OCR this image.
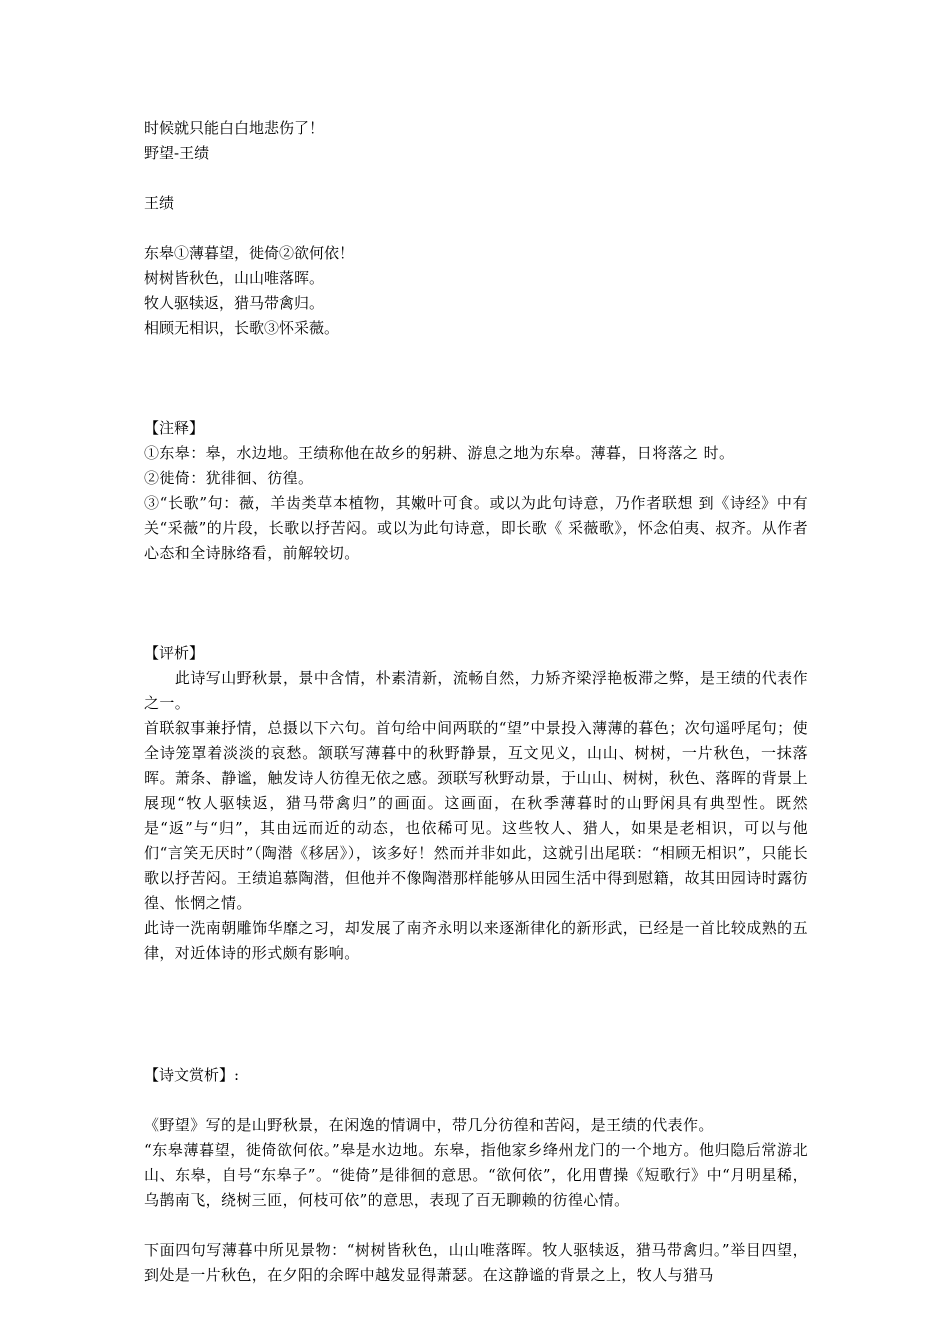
时候就只能白白地悲伤了！
野望-王绩
王绩
东皋①薄暮望，徙倚②欲何依！
树树皆秋色，山山唯落晖。
牧人驱犊返，猎马带禽归。
相顾无相识，长歌③怀采薇。
【注释】
①东皋：皋，水边地。王绩称他在故乡的躬耕、游息之地为东皋。薄暮，日将落之 时。
②徙倚：犹徘徊、彷徨。
③“长歌”句：薇，羊齿类草本植物，其嫩叶可食。或以为此句诗意，乃作者联想 到《诗经》中有关“采薇”的片段，长歌以抒苦闷。或以为此句诗意，即长歌《 采薇歌》，怀念伯夷、叔齐。从作者心态和全诗脉络看，前解较切。
【评析】
　　此诗写山野秋景，景中含情，朴素清新，流畅自然，力矫齐梁浮艳板滞之弊，是王绩的代表作之一。
首联叙事兼抒情，总摄以下六句。首句给中间两联的“望”中景投入薄薄的暮色；次句遥呼尾句；使全诗笼罩着淡淡的哀愁。颔联写薄暮中的秋野静景，互文见义，山山、树树，一片秋色，一抹落晖。萧条、静谧，触发诗人彷徨无依之感。颈联写秋野动景，于山山、树树，秋色、落晖的背景上展现“牧人驱犊返，猎马带禽归”的画面。这画面，在秋季薄暮时的山野闲具有典型性。既然是“返”与“归”，其由远而近的动态，也依稀可见。这些牧人、猎人，如果是老相识，可以与他们“言笑无厌时”（陶潜《移居》），该多好！然而并非如此，这就引出尾联：“相顾无相识”，只能长歌以抒苦闷。王绩追慕陶潜，但他并不像陶潜那样能够从田园生活中得到慰籍，故其田园诗时露彷徨、怅惘之情。
此诗一洗南朝雕饰华靡之习，却发展了南齐永明以来逐渐律化的新形武，已经是一首比较成熟的五律，对近体诗的形式颇有影响。
【诗文赏析】:
《野望》写的是山野秋景，在闲逸的情调中，带几分彷徨和苦闷，是王绩的代表作。
“东皋薄暮望，徙倚欲何依。”皋是水边地。东皋，指他家乡绛州龙门的一个地方。他归隐后常游北山、东皋，自号“东皋子”。“徙倚”是徘徊的意思。“欲何依”，化用曹操《短歌行》中“月明星稀，乌鹊南飞，绕树三匝，何枝可依”的意思，表现了百无聊赖的彷徨心情。
下面四句写薄暮中所见景物：“树树皆秋色，山山唯落晖。牧人驱犊返，猎马带禽归。”举目四望，到处是一片秋色，在夕阳的余晖中越发显得萧瑟。在这静谧的背景之上，牧人与猎马
